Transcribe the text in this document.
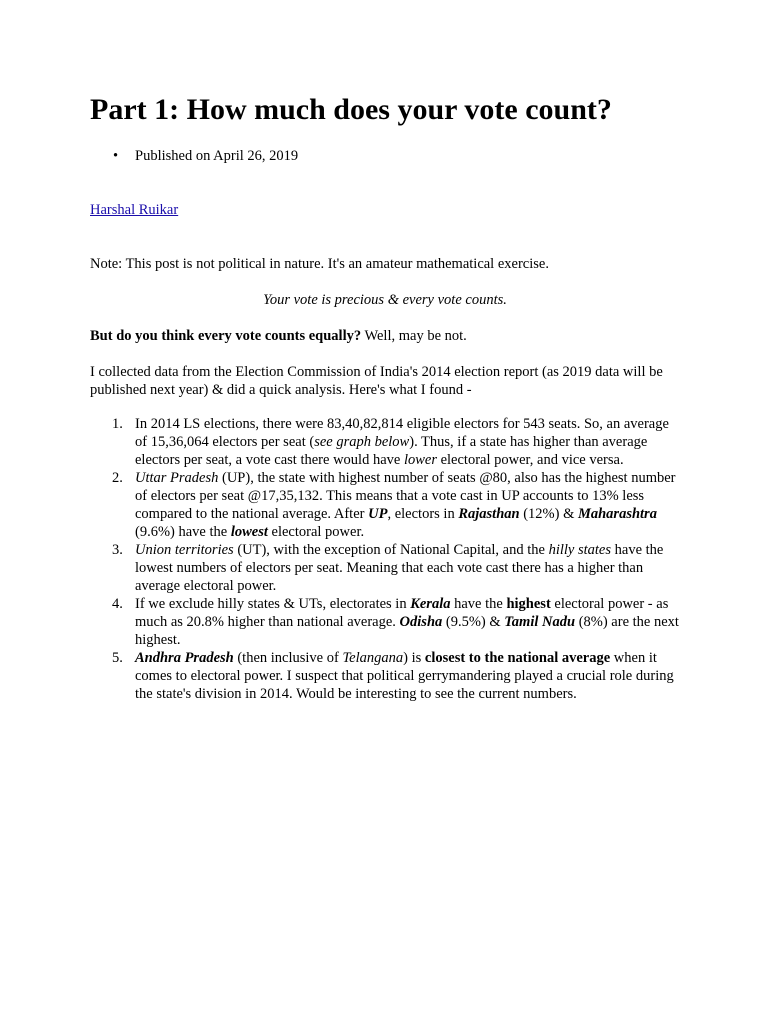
Part 1: How much does your vote count?
• Published on April 26, 2019
Harshal Ruikar

Note: This post is not political in nature. It's an amateur mathematical exercise.

Your vote is precious & every vote counts.

But do you think every vote counts equally? Well, may be not.

I collected data from the Election Commission of India's 2014 election report (as 2019 data will be published next year) & did a quick analysis. Here's what I found -

1. In 2014 LS elections, there were 83,40,82,814 eligible electors for 543 seats. So, an average of 15,36,064 electors per seat (see graph below). Thus, if a state has higher than average electors per seat, a vote cast there would have lower electoral power, and vice versa.
2. Uttar Pradesh (UP), the state with highest number of seats @80, also has the highest number of electors per seat @17,35,132. This means that a vote cast in UP accounts to 13% less compared to the national average. After UP, electors in Rajasthan (12%) & Maharashtra (9.6%) have the lowest electoral power.
3. Union territories (UT), with the exception of National Capital, and the hilly states have the lowest numbers of electors per seat. Meaning that each vote cast there has a higher than average electoral power.
4. If we exclude hilly states & UTs, electorates in Kerala have the highest electoral power - as much as 20.8% higher than national average. Odisha (9.5%) & Tamil Nadu (8%) are the next highest.
5. Andhra Pradesh (then inclusive of Telangana) is closest to the national average when it comes to electoral power. I suspect that political gerrymandering played a crucial role during the state's division in 2014. Would be interesting to see the current numbers.
